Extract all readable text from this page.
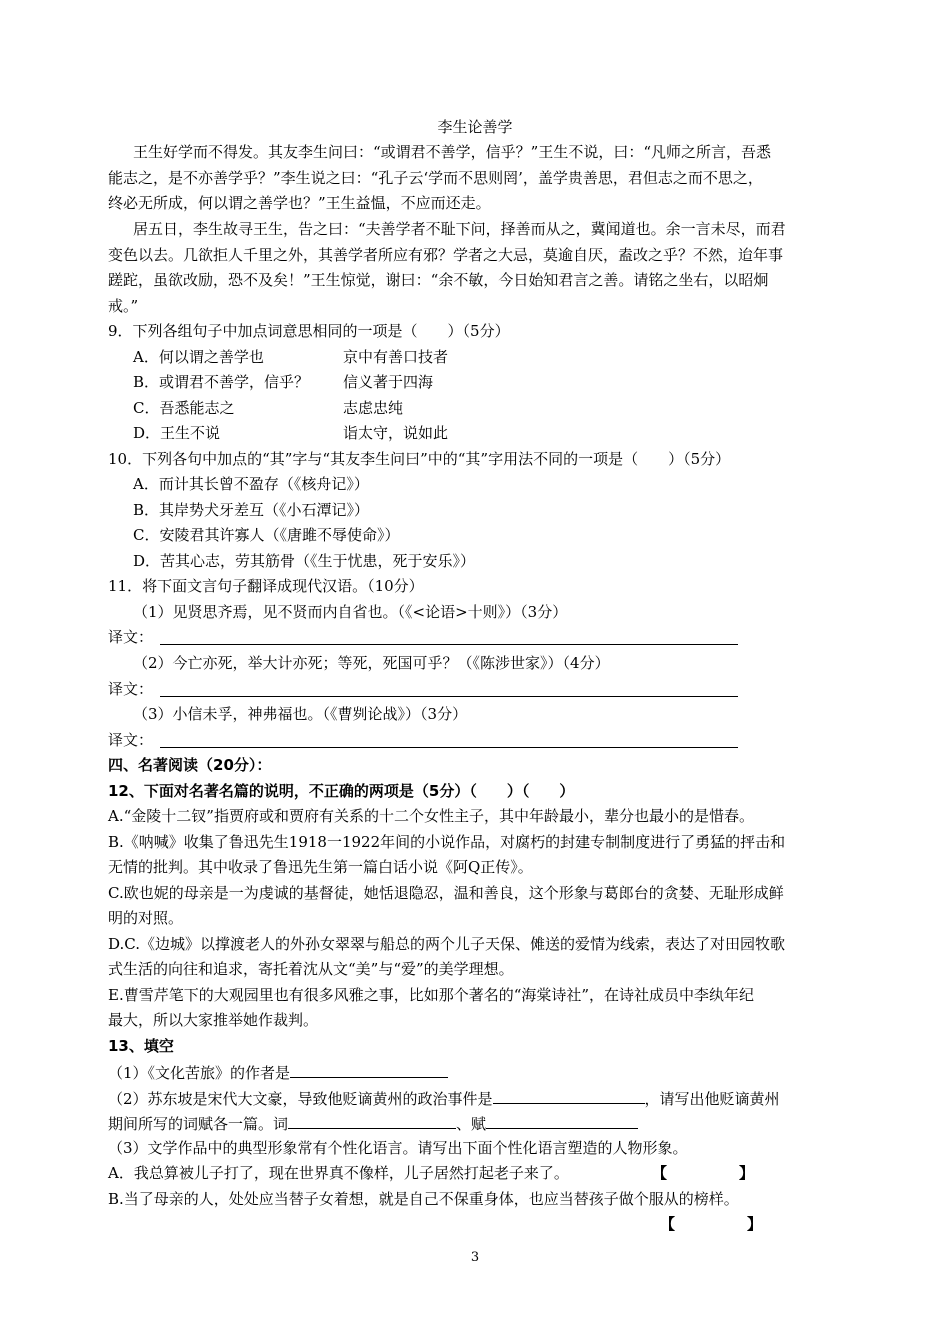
李生论善学
王生好学而不得发。其友李生问曰：“或谓君不善学，信乎？”王生不说，曰：“凡师之所言，吾悉
能志之，是不亦善学乎？”李生说之曰：“孔子云‘学而不思则罔’，盖学贵善思，君但志之而不思之，
终必无所成，何以谓之善学也？”王生益愠，不应而还走。
居五日，李生故寻王生，告之曰：“夫善学者不耻下问，择善而从之，冀闻道也。余一言未尽，而君
变色以去。几欲拒人千里之外，其善学者所应有邪？学者之大忌，莫逾自厌，盍改之乎？不然，迨年事
蹉跎，虽欲改励，恐不及矣！”王生惊觉，谢曰：“余不敏，今日始知君言之善。请铭之坐右，以昭炯
戒。”
9．下列各组句子中加点词意思相同的一项是（　　）（5分）
A．何以谓之善学也	京中有善口技者
B．或谓君不善学，信乎？ 信义著于四海
C．吾悉能志之	志虑忠纯
D．王生不说	诣太守，说如此
10．下列各句中加点的“其”字与“其友李生问曰”中的“其”字用法不同的一项是（　　）（5分）
A．而计其长曾不盈存（《核舟记》）
B．其岸势犬牙差互（《小石潭记》）
C．安陵君其许寡人（《唐雎不辱使命》）
D．苦其心志，劳其筋骨（《生于忧患，死于安乐》）
11．将下面文言句子翻译成现代汉语。（10分）
（1）见贤思齐焉，见不贤而内自省也。（《<论语>十则》）（3分）
译文：
（2）今亡亦死，举大计亦死；等死，死国可乎？（《陈涉世家》）（4分）
译文：
（3）小信未孚，神弗福也。（《曹刿论战》）（3分）
译文：
四、名著阅读（20分）：
12、下面对名著名篇的说明，不正确的两项是（5分）（　　）（　　）
A.“金陵十二钗”指贾府或和贾府有关系的十二个女性主子，其中年龄最小，辈分也最小的是惜春。
B.《呐喊》收集了鲁迅先生1918一1922年间的小说作品，对腐朽的封建专制制度进行了勇猛的抨击和
无情的批判。其中收录了鲁迅先生第一篇白话小说《阿Q正传》。
C.欧也妮的母亲是一为虔诚的基督徒，她恬退隐忍，温和善良，这个形象与葛郎台的贪婪、无耻形成鲜
明的对照。
D.C.《边城》以撑渡老人的外孙女翠翠与船总的两个儿子天保、傩送的爱情为线索，表达了对田园牧歌
式生活的向往和追求，寄托着沈从文“美”与“爱”的美学理想。
E.曹雪芹笔下的大观园里也有很多风雅之事，比如那个著名的“海棠诗社”，在诗社成员中李纨年纪
最大，所以大家推举她作裁判。
13、填空
（1）《文化苦旅》的作者是
（2）苏东坡是宋代大文豪，导致他贬谪黄州的政治事件是	，请写出他贬谪黄州
期间所写的词赋各一篇。词	、赋
（3）文学作品中的典型形象常有个性化语言。请写出下面个性化语言塑造的人物形象。
A．我总算被儿子打了，现在世界真不像样，儿子居然打起老子来了。	【	】
B.当了母亲的人，处处应当替子女着想，就是自己不保重身体，也应当替孩子做个服从的榜样。
【	】
3
